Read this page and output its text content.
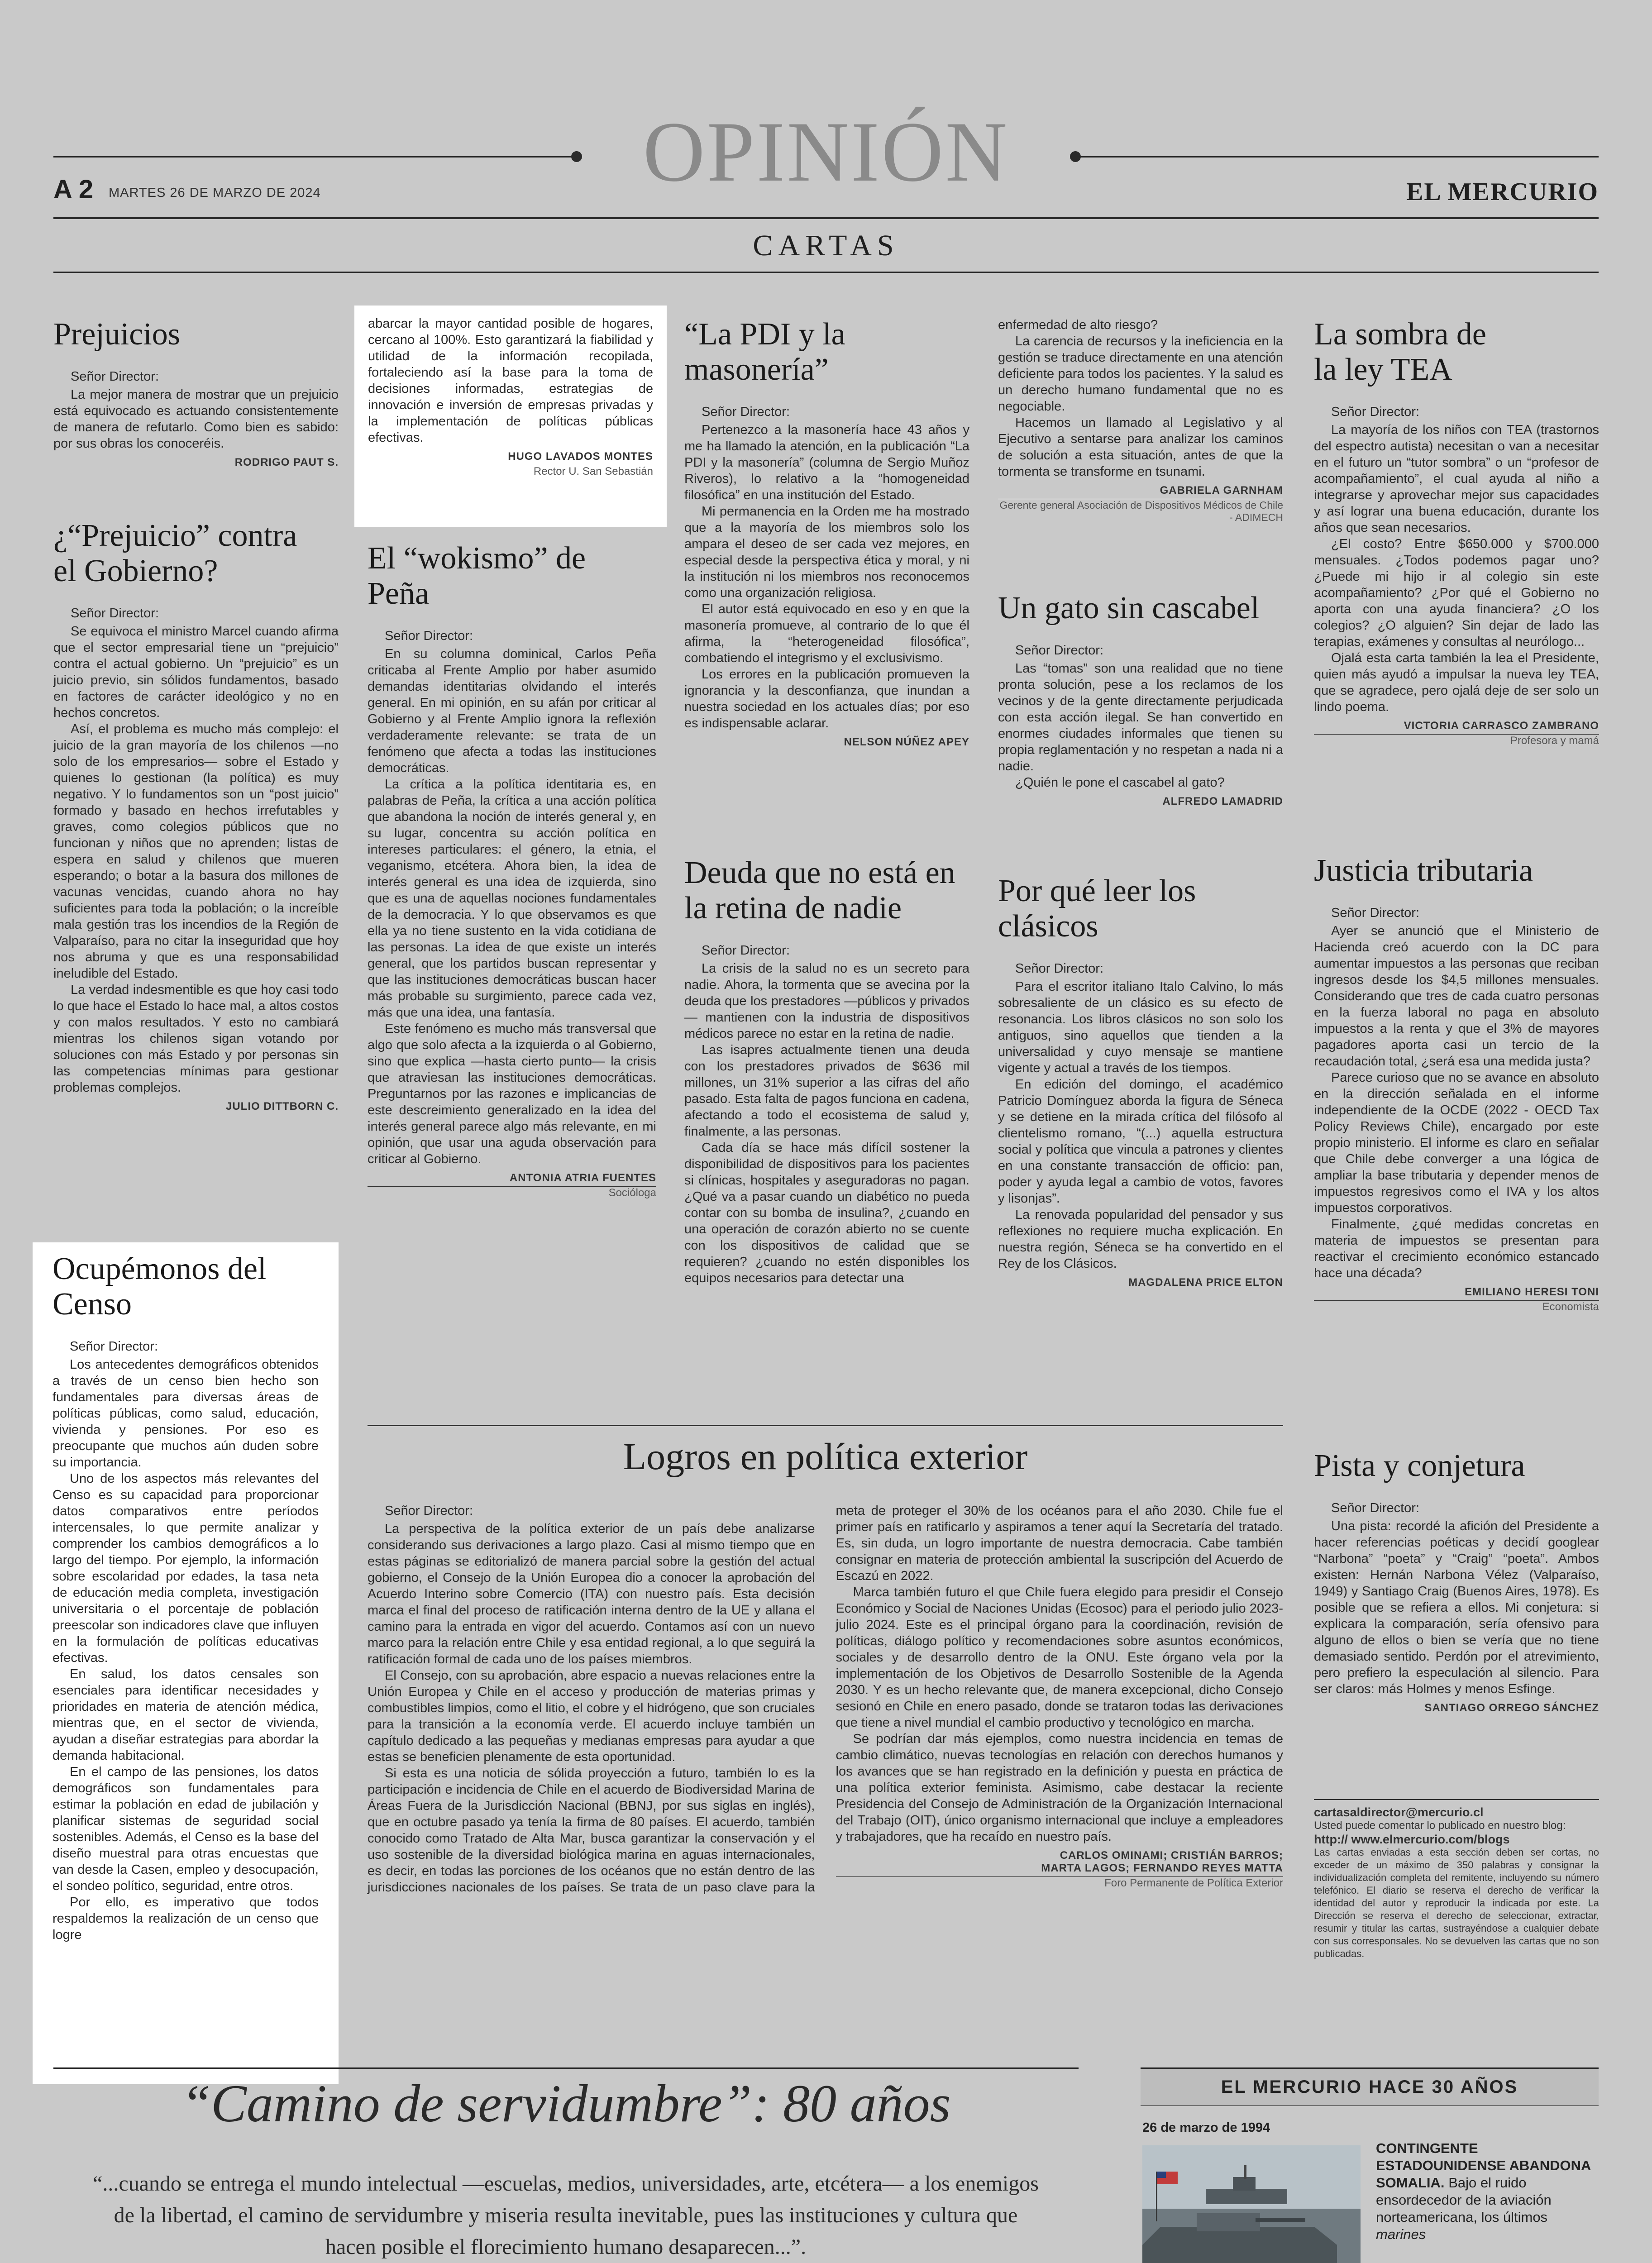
OPINIÓN
A 2 MARTES 26 DE MARZO DE 2024	EL MERCURIO
CARTAS
Prejuicios

Señor Director:

La mejor manera de mostrar que un prejuicio está equivocado es actuando consistentemente de manera de refutarlo. Como bien es sabido: por sus obras los conoceréis.

RODRIGO PAUT S.
¿“Prejuicio” contra el Gobierno?

Señor Director:

Se equivoca el ministro Marcel cuando afirma que el sector empresarial tiene un “prejuicio” contra el actual gobierno. Un “prejuicio” es un juicio previo, sin sólidos fundamentos, basado en factores de carácter ideológico y no en hechos concretos.

Así, el problema es mucho más complejo: el juicio de la gran mayoría de los chilenos —no solo de los empresarios— sobre el Estado y quienes lo gestionan (la política) es muy negativo. Y lo fundamentos son un “post juicio” formado y basado en hechos irrefutables y graves, como colegios públicos que no funcionan y niños que no aprenden; listas de espera en salud y chilenos que mueren esperando; o botar a la basura dos millones de vacunas vencidas, cuando ahora no hay suficientes para toda la población; o la increíble mala gestión tras los incendios de la Región de Valparaíso, para no citar la inseguridad que hoy nos abruma y que es una responsabilidad ineludible del Estado.

La verdad indesmentible es que hoy casi todo lo que hace el Estado lo hace mal, a altos costos y con malos resultados. Y esto no cambiará mientras los chilenos sigan votando por soluciones con más Estado y por personas sin las competencias mínimas para gestionar problemas complejos.

JULIO DITTBORN C.
Ocupémonos del Censo

Señor Director:

Los antecedentes demográficos obtenidos a través de un censo bien hecho son fundamentales para diversas áreas de políticas públicas, como salud, educación, vivienda y pensiones. Por eso es preocupante que muchos aún duden sobre su importancia.

Uno de los aspectos más relevantes del Censo es su capacidad para proporcionar datos comparativos entre períodos intercensales, lo que permite analizar y comprender los cambios demográficos a lo largo del tiempo. Por ejemplo, la información sobre escolaridad por edades, la tasa neta de educación media completa, investigación universitaria o el porcentaje de población preescolar son indicadores clave que influyen en la formulación de políticas educativas efectivas.

En salud, los datos censales son esenciales para identificar necesidades y prioridades en materia de atención médica, mientras que, en el sector de vivienda, ayudan a diseñar estrategias para abordar la demanda habitacional.

En el campo de las pensiones, los datos demográficos son fundamentales para estimar la población en edad de jubilación y planificar sistemas de seguridad social sostenibles. Además, el Censo es la base del diseño muestral para otras encuestas que van desde la Casen, empleo y desocupación, el sondeo político, seguridad, entre otros.

Por ello, es imperativo que todos respaldemos la realización de un censo que logre

abarcar la mayor cantidad posible de hogares, cercano al 100%. Esto garantizará la fiabilidad y utilidad de la información recopilada, fortaleciendo así la base para la toma de decisiones informadas, estrategias de innovación e inversión de empresas privadas y la implementación de políticas públicas efectivas.

HUGO LAVADOS MONTES
Rector U. San Sebastián
El “wokismo” de Peña

Señor Director:

En su columna dominical, Carlos Peña criticaba al Frente Amplio por haber asumido demandas identitarias olvidando el interés general. En mi opinión, en su afán por criticar al Gobierno y al Frente Amplio ignora la reflexión verdaderamente relevante: se trata de un fenómeno que afecta a todas las instituciones democráticas.

La crítica a la política identitaria es, en palabras de Peña, la crítica a una acción política que abandona la noción de interés general y, en su lugar, concentra su acción política en intereses particulares: el género, la etnia, el veganismo, etcétera. Ahora bien, la idea de interés general es una idea de izquierda, sino que es una de aquellas nociones fundamentales de la democracia. Y lo que observamos es que ella ya no tiene sustento en la vida cotidiana de las personas. La idea de que existe un interés general, que los partidos buscan representar y que las instituciones democráticas buscan hacer más probable su surgimiento, parece cada vez, más que una idea, una fantasía.

Este fenómeno es mucho más transversal que algo que solo afecta a la izquierda o al Gobierno, sino que explica —hasta cierto punto— la crisis que atraviesan las instituciones democráticas. Preguntarnos por las razones e implicancias de este descreimiento generalizado en la idea del interés general parece algo más relevante, en mi opinión, que usar una aguda observación para criticar al Gobierno.

ANTONIA ATRIA FUENTES
Socióloga
“La PDI y la masonería”

Señor Director:

Pertenezco a la masonería hace 43 años y me ha llamado la atención, en la publicación “La PDI y la masonería” (columna de Sergio Muñoz Riveros), lo relativo a la “homogeneidad filosófica” en una institución del Estado.

Mi permanencia en la Orden me ha mostrado que a la mayoría de los miembros solo los ampara el deseo de ser cada vez mejores, en especial desde la perspectiva ética y moral, y ni la institución ni los miembros nos reconocemos como una organización religiosa.

El autor está equivocado en eso y en que la masonería promueve, al contrario de lo que él afirma, la “heterogeneidad filosófica”, combatiendo el integrismo y el exclusivismo.

Los errores en la publicación promueven la ignorancia y la desconfianza, que inundan a nuestra sociedad en los actuales días; por eso es indispensable aclarar.

NELSON NÚÑEZ APEY
Deuda que no está en la retina de nadie

Señor Director:

La crisis de la salud no es un secreto para nadie. Ahora, la tormenta que se avecina por la deuda que los prestadores —públicos y privados— mantienen con la industria de dispositivos médicos parece no estar en la retina de nadie.

Las isapres actualmente tienen una deuda con los prestadores privados de $636 mil millones, un 31% superior a las cifras del año pasado. Esta falta de pagos funciona en cadena, afectando a todo el ecosistema de salud y, finalmente, a las personas.

Cada día se hace más difícil sostener la disponibilidad de dispositivos para los pacientes si clínicas, hospitales y aseguradoras no pagan. ¿Qué va a pasar cuando un diabético no pueda contar con su bomba de insulina?, ¿cuando en una operación de corazón abierto no se cuente con los dispositivos de calidad que se requieren? ¿cuando no estén disponibles los equipos necesarios para detectar una

enfermedad de alto riesgo?

La carencia de recursos y la ineficiencia en la gestión se traduce directamente en una atención deficiente para todos los pacientes. Y la salud es un derecho humano fundamental que no es negociable.

Hacemos un llamado al Legislativo y al Ejecutivo a sentarse para analizar los caminos de solución a esta situación, antes de que la tormenta se transforme en tsunami.

GABRIELA GARNHAM
Gerente general Asociación de Dispositivos Médicos de Chile - ADIMECH
Un gato sin cascabel

Señor Director:

Las “tomas” son una realidad que no tiene pronta solución, pese a los reclamos de los vecinos y de la gente directamente perjudicada con esta acción ilegal. Se han convertido en enormes ciudades informales que tienen su propia reglamentación y no respetan a nada ni a nadie.

¿Quién le pone el cascabel al gato?

ALFREDO LAMADRID
Por qué leer los clásicos

Señor Director:

Para el escritor italiano Italo Calvino, lo más sobresaliente de un clásico es su efecto de resonancia. Los libros clásicos no son solo los antiguos, sino aquellos que tienden a la universalidad y cuyo mensaje se mantiene vigente y actual a través de los tiempos.

En edición del domingo, el académico Patricio Domínguez aborda la figura de Séneca y se detiene en la mirada crítica del filósofo al clientelismo romano, “(...) aquella estructura social y política que vincula a patrones y clientes en una constante transacción de officio: pan, poder y ayuda legal a cambio de votos, favores y lisonjas”.

La renovada popularidad del pensador y sus reflexiones no requiere mucha explicación. En nuestra región, Séneca se ha convertido en el Rey de los Clásicos.

MAGDALENA PRICE ELTON
La sombra de la ley TEA

Señor Director:

La mayoría de los niños con TEA (trastornos del espectro autista) necesitan o van a necesitar en el futuro un “tutor sombra” o un “profesor de acompañamiento”, el cual ayuda al niño a integrarse y aprovechar mejor sus capacidades y así lograr una buena educación, durante los años que sean necesarios.

¿El costo? Entre $650.000 y $700.000 mensuales. ¿Todos podemos pagar uno? ¿Puede mi hijo ir al colegio sin este acompañamiento? ¿Por qué el Gobierno no aporta con una ayuda financiera? ¿O los colegios? ¿O alguien? Sin dejar de lado las terapias, exámenes y consultas al neurólogo...

Ojalá esta carta también la lea el Presidente, quien más ayudó a impulsar la nueva ley TEA, que se agradece, pero ojalá deje de ser solo un lindo poema.

VICTORIA CARRASCO ZAMBRANO
Profesora y mamá
Justicia tributaria

Señor Director:

Ayer se anunció que el Ministerio de Hacienda creó acuerdo con la DC para aumentar impuestos a las personas que reciban ingresos desde los $4,5 millones mensuales. Considerando que tres de cada cuatro personas en la fuerza laboral no paga en absoluto impuestos a la renta y que el 3% de mayores pagadores aporta casi un tercio de la recaudación total, ¿será esa una medida justa?

Parece curioso que no se avance en absoluto en la dirección señalada en el informe independiente de la OCDE (2022 - OECD Tax Policy Reviews Chile), encargado por este propio ministerio. El informe es claro en señalar que Chile debe converger a una lógica de ampliar la base tributaria y depender menos de impuestos regresivos como el IVA y los altos impuestos corporativos.

Finalmente, ¿qué medidas concretas en materia de impuestos se presentan para reactivar el crecimiento económico estancado hace una década?

EMILIANO HERESI TONI
Economista
Pista y conjetura

Señor Director:

Una pista: recordé la afición del Presidente a hacer referencias poéticas y decidí googlear “Narbona” “poeta” y “Craig” “poeta”. Ambos existen: Hernán Narbona Vélez (Valparaíso, 1949) y Santiago Craig (Buenos Aires, 1978). Es posible que se refiera a ellos. Mi conjetura: si explicara la comparación, sería ofensivo para alguno de ellos o bien se vería que no tiene demasiado sentido. Perdón por el atrevimiento, pero prefiero la especulación al silencio. Para ser claros: más Holmes y menos Esfinge.

SANTIAGO ORREGO SÁNCHEZ
cartasaldirector@mercurio.cl
Usted puede comentar lo publicado en nuestro blog:
http:// www.elmercurio.com/blogs
Las cartas enviadas a esta sección deben ser cortas, no exceder de un máximo de 350 palabras y consignar la individualización completa del remitente, incluyendo su número telefónico. El diario se reserva el derecho de verificar la identidad del autor y reproducir la indicada por este. La Dirección se reserva el derecho de seleccionar, extractar, resumir y titular las cartas, sustrayéndose a cualquier debate con sus corresponsales. No se devuelven las cartas que no son publicadas.
Logros en política exterior

Señor Director:

La perspectiva de la política exterior de un país debe analizarse considerando sus derivaciones a largo plazo. Casi al mismo tiempo que en estas páginas se editorializó de manera parcial sobre la gestión del actual gobierno, el Consejo de la Unión Europea dio a conocer la aprobación del Acuerdo Interino sobre Comercio (ITA) con nuestro país. Esta decisión marca el final del proceso de ratificación interna dentro de la UE y allana el camino para la entrada en vigor del acuerdo. Contamos así con un nuevo marco para la relación entre Chile y esa entidad regional, a lo que seguirá la ratificación formal de cada uno de los países miembros.

El Consejo, con su aprobación, abre espacio a nuevas relaciones entre la Unión Europea y Chile en el acceso y producción de materias primas y combustibles limpios, como el litio, el cobre y el hidrógeno, que son cruciales para la transición a la economía verde. El acuerdo incluye también un capítulo dedicado a las pequeñas y medianas empresas para ayudar a que estas se beneficien plenamente de esta oportunidad.

Si esta es una noticia de sólida proyección a futuro, también lo es la participación e incidencia de Chile en el acuerdo de Biodiversidad Marina de Áreas Fuera de la Jurisdicción Nacional (BBNJ, por sus siglas en inglés), que en octubre pasado ya tenía la firma de 80 países. El acuerdo, también conocido como Tratado de Alta Mar, busca garantizar la conservación y el uso sostenible de la diversidad biológica marina en aguas internacionales, es decir, en todas las porciones de los océanos que no están dentro de las jurisdicciones nacionales de los países. Se trata de un paso clave para la meta de proteger el 30% de los océanos para el año 2030. Chile fue el primer país en ratificarlo y aspiramos a tener aquí la Secretaría del tratado. Es, sin duda, un logro importante de nuestra democracia. Cabe también consignar en materia de protección ambiental la suscripción del Acuerdo de Escazú en 2022.

Marca también futuro el que Chile fuera elegido para presidir el Consejo Económico y Social de Naciones Unidas (Ecosoc) para el periodo julio 2023-julio 2024. Este es el principal órgano para la coordinación, revisión de políticas, diálogo político y recomendaciones sobre asuntos económicos, sociales y de desarrollo dentro de la ONU. Este órgano vela por la implementación de los Objetivos de Desarrollo Sostenible de la Agenda 2030. Y es un hecho relevante que, de manera excepcional, dicho Consejo sesionó en Chile en enero pasado, donde se trataron todas las derivaciones que tiene a nivel mundial el cambio productivo y tecnológico en marcha.

Se podrían dar más ejemplos, como nuestra incidencia en temas de cambio climático, nuevas tecnologías en relación con derechos humanos y los avances que se han registrado en la definición y puesta en práctica de una política exterior feminista. Asimismo, cabe destacar la reciente Presidencia del Consejo de Administración de la Organización Internacional del Trabajo (OIT), único organismo internacional que incluye a empleadores y trabajadores, que ha recaído en nuestro país.

CARLOS OMINAMI; CRISTIÁN BARROS;
MARTA LAGOS; FERNANDO REYES MATTA
Foro Permanente de Política Exterior
“Camino de servidumbre”: 80 años
“...cuando se entrega el mundo intelectual —escuelas, medios, universidades, arte, etcétera— a los enemigos de la libertad, el camino de servidumbre y miseria resulta inevitable, pues las instituciones y cultura que hacen posible el florecimiento humano desaparecen...”.

EL MERCURIO HACE 30 AÑOS
26 de marzo de 1994
CONTINGENTE ESTADOUNIDENSE ABANDONA SOMALIA. Bajo el ruido ensordecedor de la aviación norteamericana, los últimos marines
